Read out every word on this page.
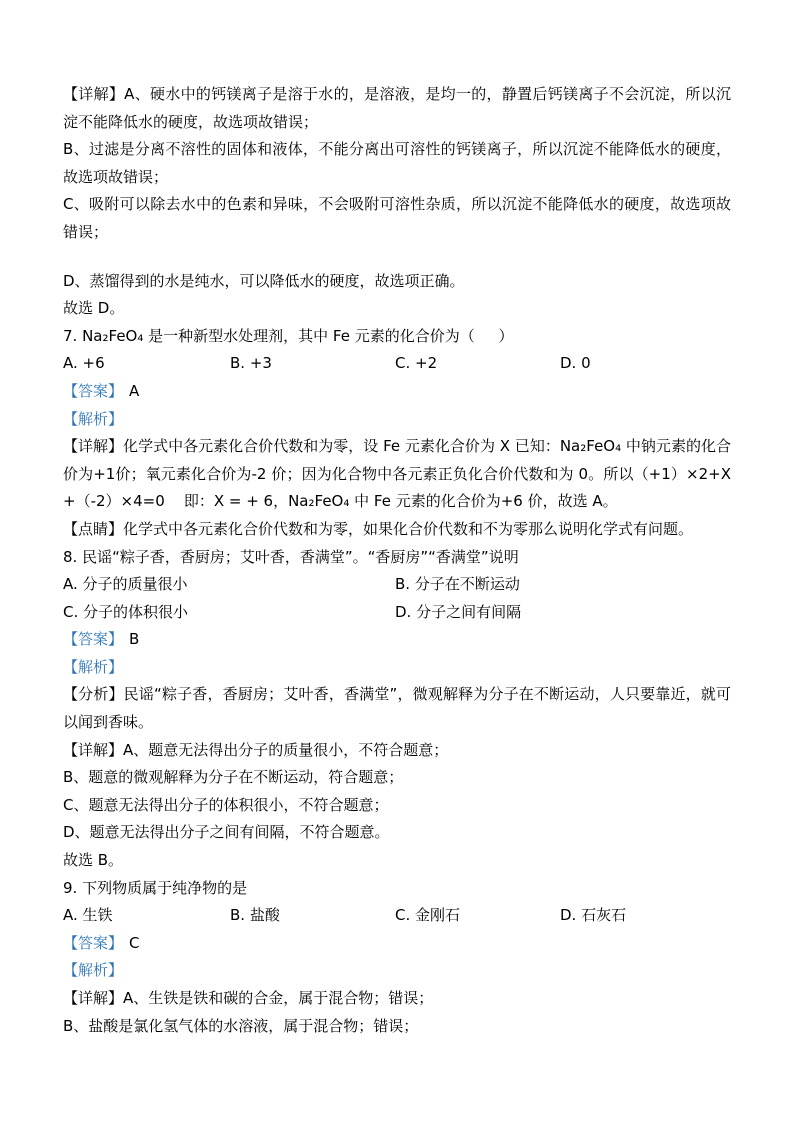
【详解】A、硬水中的钙镁离子是溶于水的，是溶液，是均一的，静置后钙镁离子不会沉淀，所以沉淀不能降低水的硬度，故选项故错误；

B、过滤是分离不溶性的固体和液体，不能分离出可溶性的钙镁离子，所以沉淀不能降低水的硬度，故选项故错误；

C、吸附可以除去水中的色素和异味，不会吸附可溶性杂质，所以沉淀不能降低水的硬度，故选项故错误；

D、蒸馏得到的水是纯水，可以降低水的硬度，故选项正确。

故选 D。

7. Na₂FeO₄ 是一种新型水处理剂，其中 Fe 元素的化合价为（     ）

A. +6	B. +3	C. +2	D. 0

【答案】 A

【解析】

【详解】化学式中各元素化合价代数和为零，设 Fe 元素化合价为 X 已知：Na₂FeO₄ 中钠元素的化合价为+1价；氧元素化合价为-2 价；因为化合物中各元素正负化合价代数和为 0。所以（+1）×2+X+（-2）×4=0    即：X = + 6，Na₂FeO₄ 中 Fe 元素的化合价为+6 价，故选 A。

【点睛】化学式中各元素化合价代数和为零，如果化合价代数和不为零那么说明化学式有问题。

8. 民谣“粽子香，香厨房；艾叶香，香满堂”。“香厨房”“香满堂”说明

A. 分子的质量很小	B. 分子在不断运动
C. 分子的体积很小	D. 分子之间有间隔

【答案】 B

【解析】

【分析】民谣“粽子香，香厨房；艾叶香，香满堂”，微观解释为分子在不断运动，人只要靠近，就可以闻到香味。

【详解】A、题意无法得出分子的质量很小，不符合题意；

B、题意的微观解释为分子在不断运动，符合题意；

C、题意无法得出分子的体积很小，不符合题意；

D、题意无法得出分子之间有间隔，不符合题意。

故选 B。

9. 下列物质属于纯净物的是

A. 生铁	B. 盐酸	C. 金刚石	D. 石灰石

【答案】 C

【解析】

【详解】A、生铁是铁和碳的合金，属于混合物；错误；

B、盐酸是氯化氢气体的水溶液，属于混合物；错误；
